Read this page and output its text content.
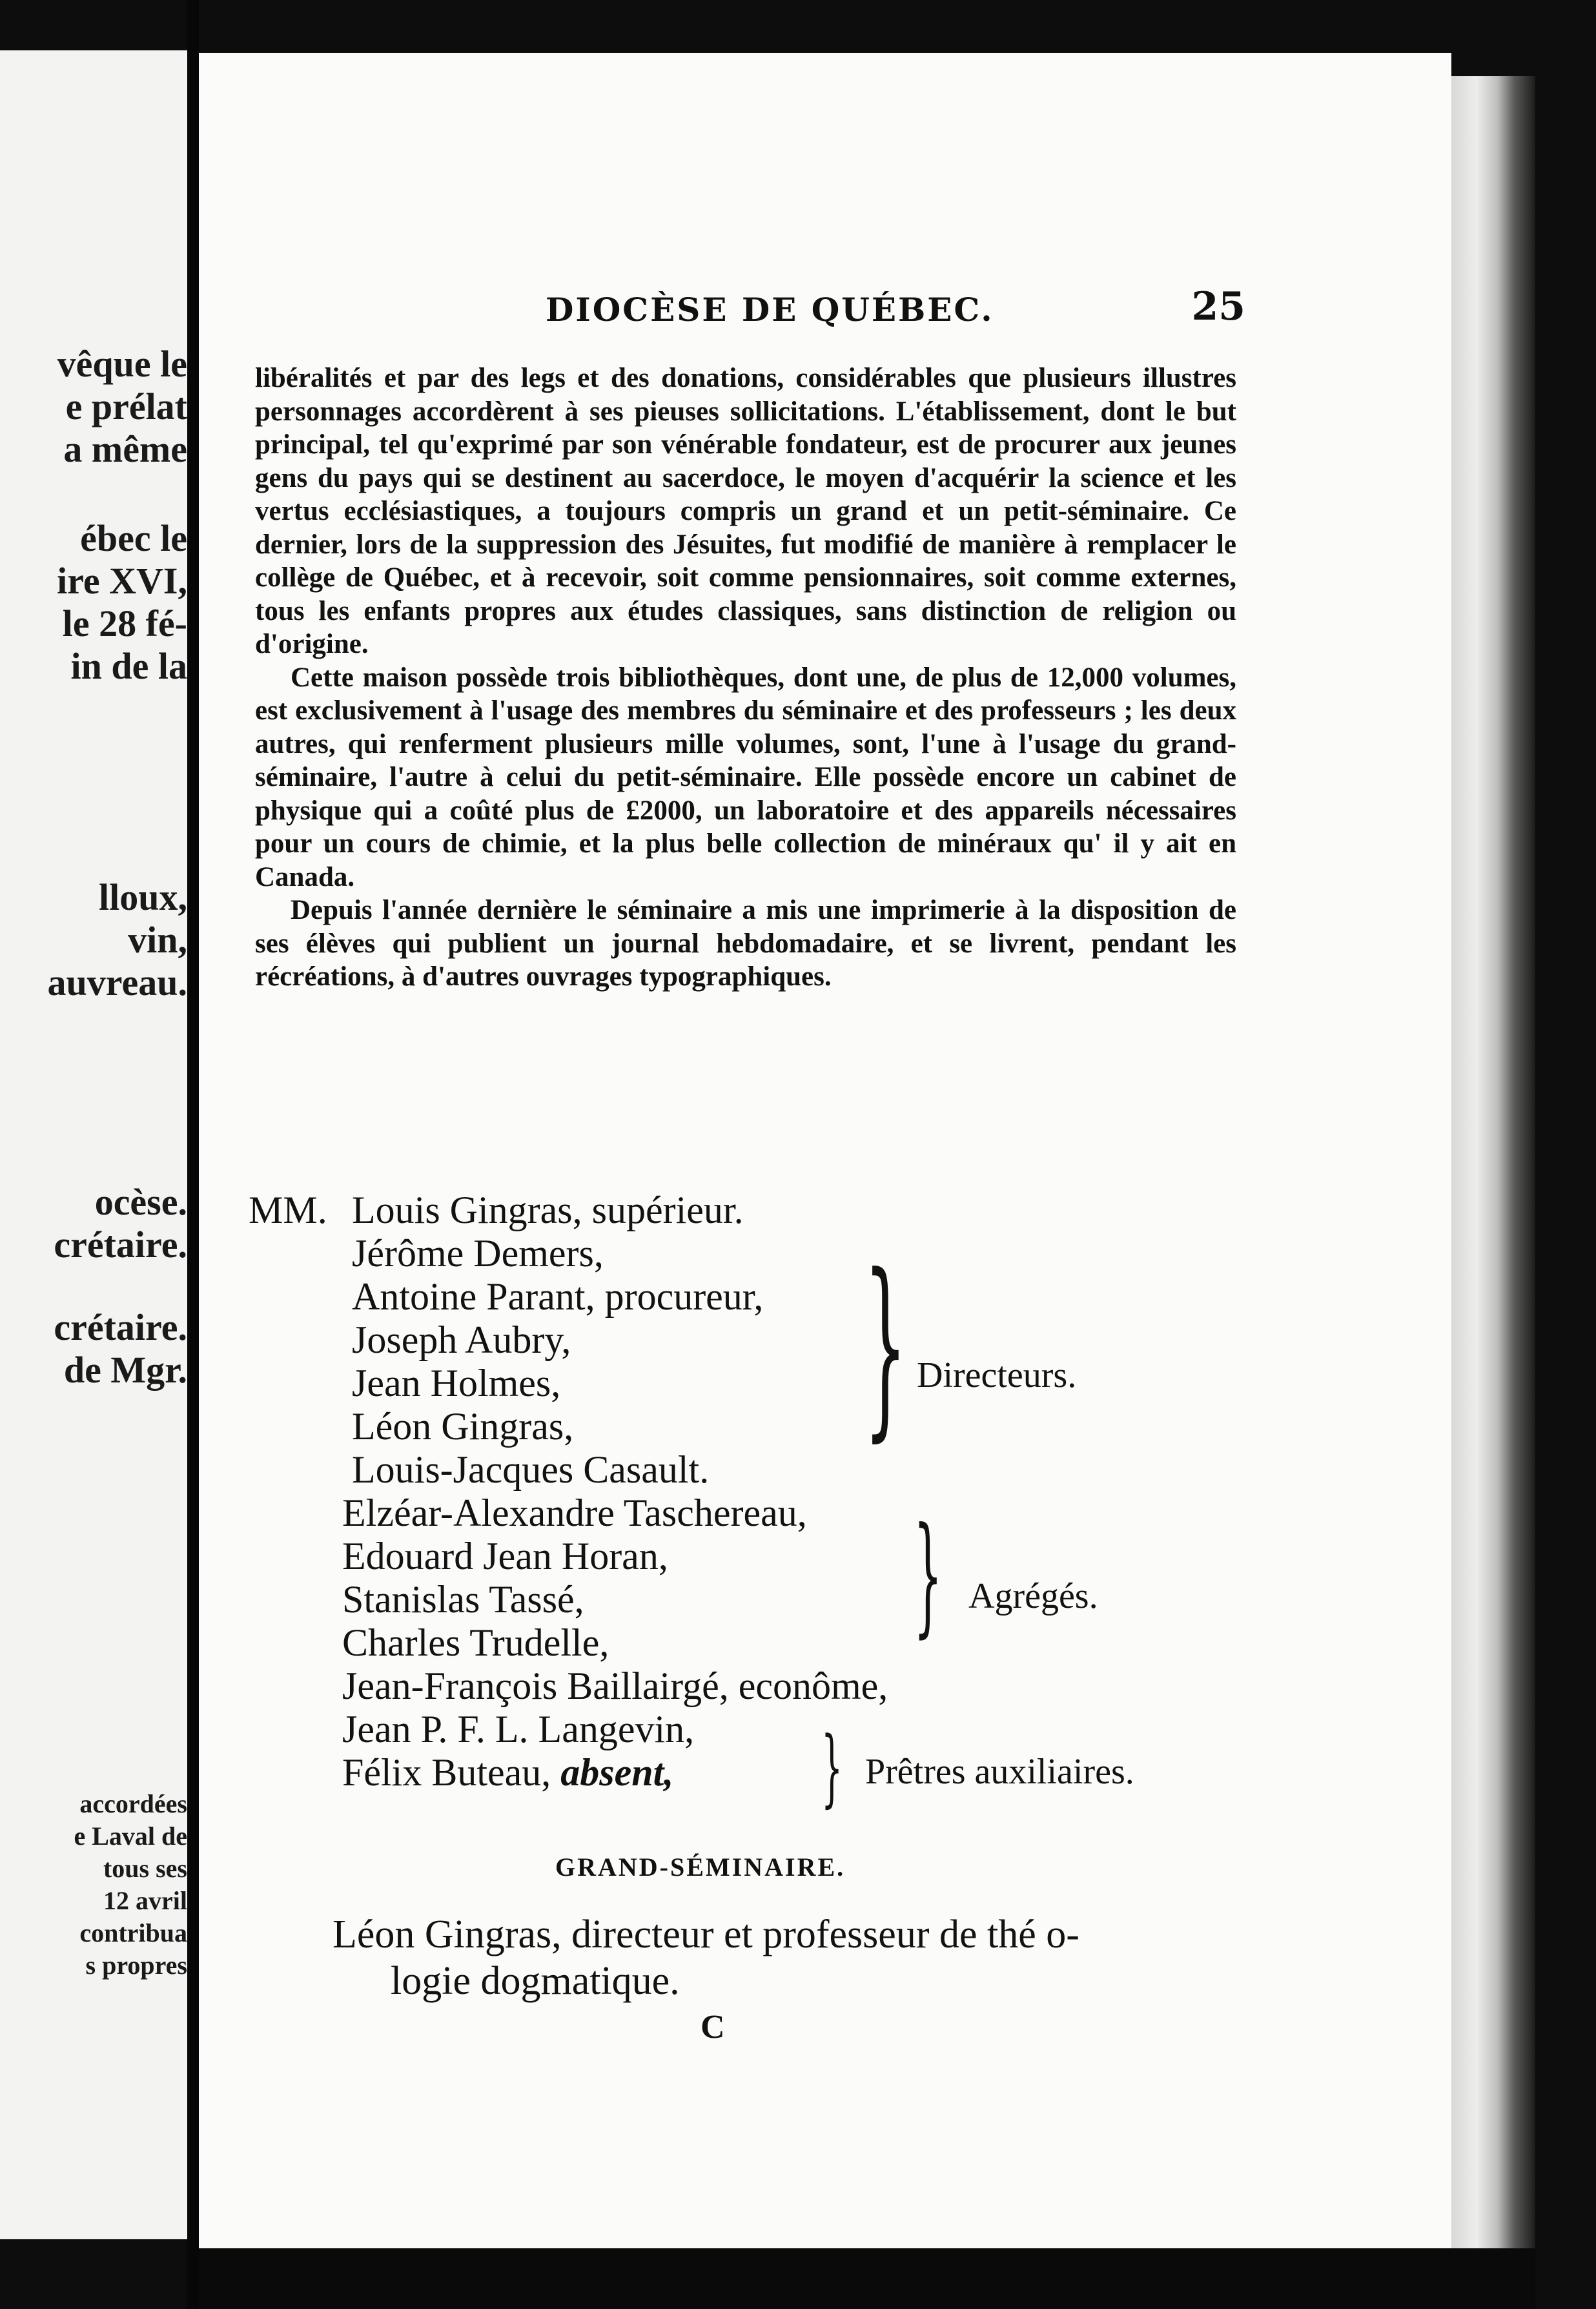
vêque le
e prélat
a même
ébec le
ire XVI,
le 28 fé-
in de la
lloux,
vin,
auvreau.
ocèse.
crétaire.
crétaire.
de Mgr.
accordées
e Laval de
tous ses
12 avril
contribua
s propres
DIOCÈSE DE QUÉBEC.	25

libéralités et par des legs et des donations, considérables que plusieurs illustres personnages accordèrent à ses pieuses sollicitations. L'établissement, dont le but principal, tel qu'exprimé par son vénérable fondateur, est de procurer aux jeunes gens du pays qui se destinent au sacerdoce, le moyen d'acquérir la science et les vertus ecclésiastiques, a toujours compris un grand et un petit-séminaire. Ce dernier, lors de la suppression des Jésuites, fut modifié de manière à remplacer le collège de Québec, et à recevoir, soit comme pensionnaires, soit comme externes, tous les enfants propres aux études classiques, sans distinction de religion ou d'origine.

Cette maison possède trois bibliothèques, dont une, de plus de 12,000 volumes, est exclusivement à l'usage des membres du séminaire et des professeurs ; les deux autres, qui renferment plusieurs mille volumes, sont, l'une à l'usage du grand-séminaire, l'autre à celui du petit-séminaire. Elle possède encore un cabinet de physique qui a coûté plus de £2000, un laboratoire et des appareils nécessaires pour un cours de chimie, et la plus belle collection de minéraux qu' il y ait en Canada.

Depuis l'année dernière le séminaire a mis une imprimerie à la disposition de ses élèves qui publient un journal hebdomadaire, et se livrent, pendant les récréations, à d'autres ouvrages typographiques.

MM. Louis Gingras, supérieur.
Jérôme Demers,
Antoine Parant, procureur,
Joseph Aubry,
Jean Holmes,
Léon Gingras,
Louis-Jacques Casault.
Elzéar-Alexandre Taschereau,
Edouard Jean Horan,
Stanislas Tassé,
Charles Trudelle,
Jean-François Baillairgé, econôme,
Jean P. F. L. Langevin,
Félix Buteau, absent,
} Directeurs.
} Agrégés.
} Prêtres auxiliaires.
GRAND-SÉMINAIRE.
Léon Gingras, directeur et professeur de thé o-
logie dogmatique.
C
